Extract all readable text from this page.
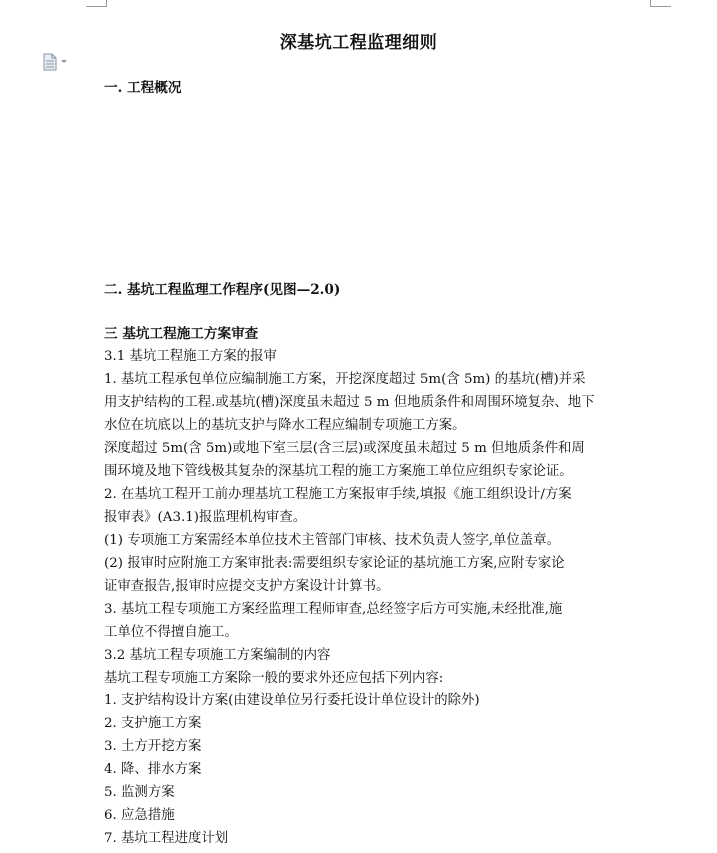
深基坑工程监理细则
一. 工程概况
二. 基坑工程监理工作程序(见图—2.0)
三 基坑工程施工方案审查
3.1 基坑工程施工方案的报审
1. 基坑工程承包单位应编制施工方案，开挖深度超过 5m(含 5m) 的基坑(槽)并采
用支护结构的工程.或基坑(槽)深度虽未超过 5 m 但地质条件和周围环境复杂、地下
水位在坑底以上的基坑支护与降水工程应编制专项施工方案。
深度超过 5m(含 5m)或地下室三层(含三层)或深度虽未超过 5 m 但地质条件和周
围环境及地下管线极其复杂的深基坑工程的施工方案施工单位应组织专家论证。
2. 在基坑工程开工前办理基坑工程施工方案报审手续,填报《施工组织设计/方案
报审表》(A3.1)报监理机构审查。
(1) 专项施工方案需经本单位技术主管部门审核、技术负责人签字,单位盖章。
(2) 报审时应附施工方案审批表:需要组织专家论证的基坑施工方案,应附专家论
证审查报告,报审时应提交支护方案设计计算书。
3. 基坑工程专项施工方案经监理工程师审查,总经签字后方可实施,未经批准,施
工单位不得擅自施工。
3.2 基坑工程专项施工方案编制的内容
基坑工程专项施工方案除一般的要求外还应包括下列内容:
1. 支护结构设计方案(由建设单位另行委托设计单位设计的除外)
2. 支护施工方案
3. 土方开挖方案
4. 降、排水方案
5. 监测方案
6. 应急措施
7. 基坑工程进度计划
